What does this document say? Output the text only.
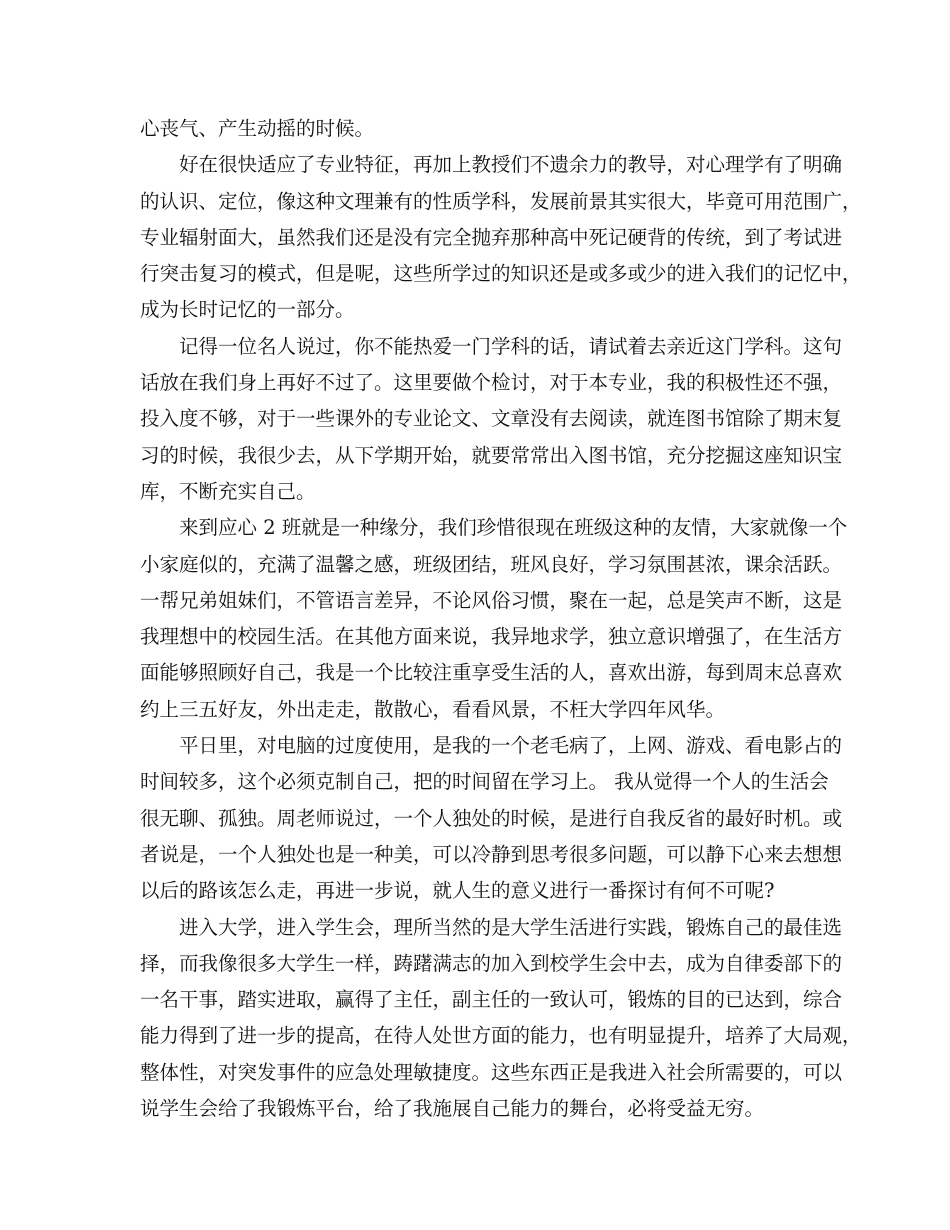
心丧气、产生动摇的时候。
　　好在很快适应了专业特征，再加上教授们不遗余力的教导，对心理学有了明确
的认识、定位，像这种文理兼有的性质学科，发展前景其实很大，毕竟可用范围广，
专业辐射面大，虽然我们还是没有完全抛弃那种高中死记硬背的传统，到了考试进
行突击复习的模式，但是呢，这些所学过的知识还是或多或少的进入我们的记忆中，
成为长时记忆的一部分。
　　记得一位名人说过，你不能热爱一门学科的话，请试着去亲近这门学科。这句
话放在我们身上再好不过了。这里要做个检讨，对于本专业，我的积极性还不强，
投入度不够，对于一些课外的专业论文、文章没有去阅读，就连图书馆除了期末复
习的时候，我很少去，从下学期开始，就要常常出入图书馆，充分挖掘这座知识宝
库，不断充实自己。
　　来到应心 2 班就是一种缘分，我们珍惜很现在班级这种的友情，大家就像一个
小家庭似的，充满了温馨之感，班级团结，班风良好，学习氛围甚浓，课余活跃。
一帮兄弟姐妹们，不管语言差异，不论风俗习惯，聚在一起，总是笑声不断，这是
我理想中的校园生活。在其他方面来说，我异地求学，独立意识增强了，在生活方
面能够照顾好自己，我是一个比较注重享受生活的人，喜欢出游，每到周末总喜欢
约上三五好友，外出走走，散散心，看看风景，不枉大学四年风华。
　　平日里，对电脑的过度使用，是我的一个老毛病了，上网、游戏、看电影占的
时间较多，这个必须克制自己，把的时间留在学习上。 我从觉得一个人的生活会
很无聊、孤独。周老师说过，一个人独处的时候，是进行自我反省的最好时机。或
者说是，一个人独处也是一种美，可以冷静到思考很多问题，可以静下心来去想想
以后的路该怎么走，再进一步说，就人生的意义进行一番探讨有何不可呢?
　　进入大学，进入学生会，理所当然的是大学生活进行实践，锻炼自己的最佳选
择，而我像很多大学生一样，踌躇满志的加入到校学生会中去，成为自律委部下的
一名干事，踏实进取，赢得了主任，副主任的一致认可，锻炼的目的已达到，综合
能力得到了进一步的提高，在待人处世方面的能力，也有明显提升，培养了大局观，
整体性，对突发事件的应急处理敏捷度。这些东西正是我进入社会所需要的，可以
说学生会给了我锻炼平台，给了我施展自己能力的舞台，必将受益无穷。
